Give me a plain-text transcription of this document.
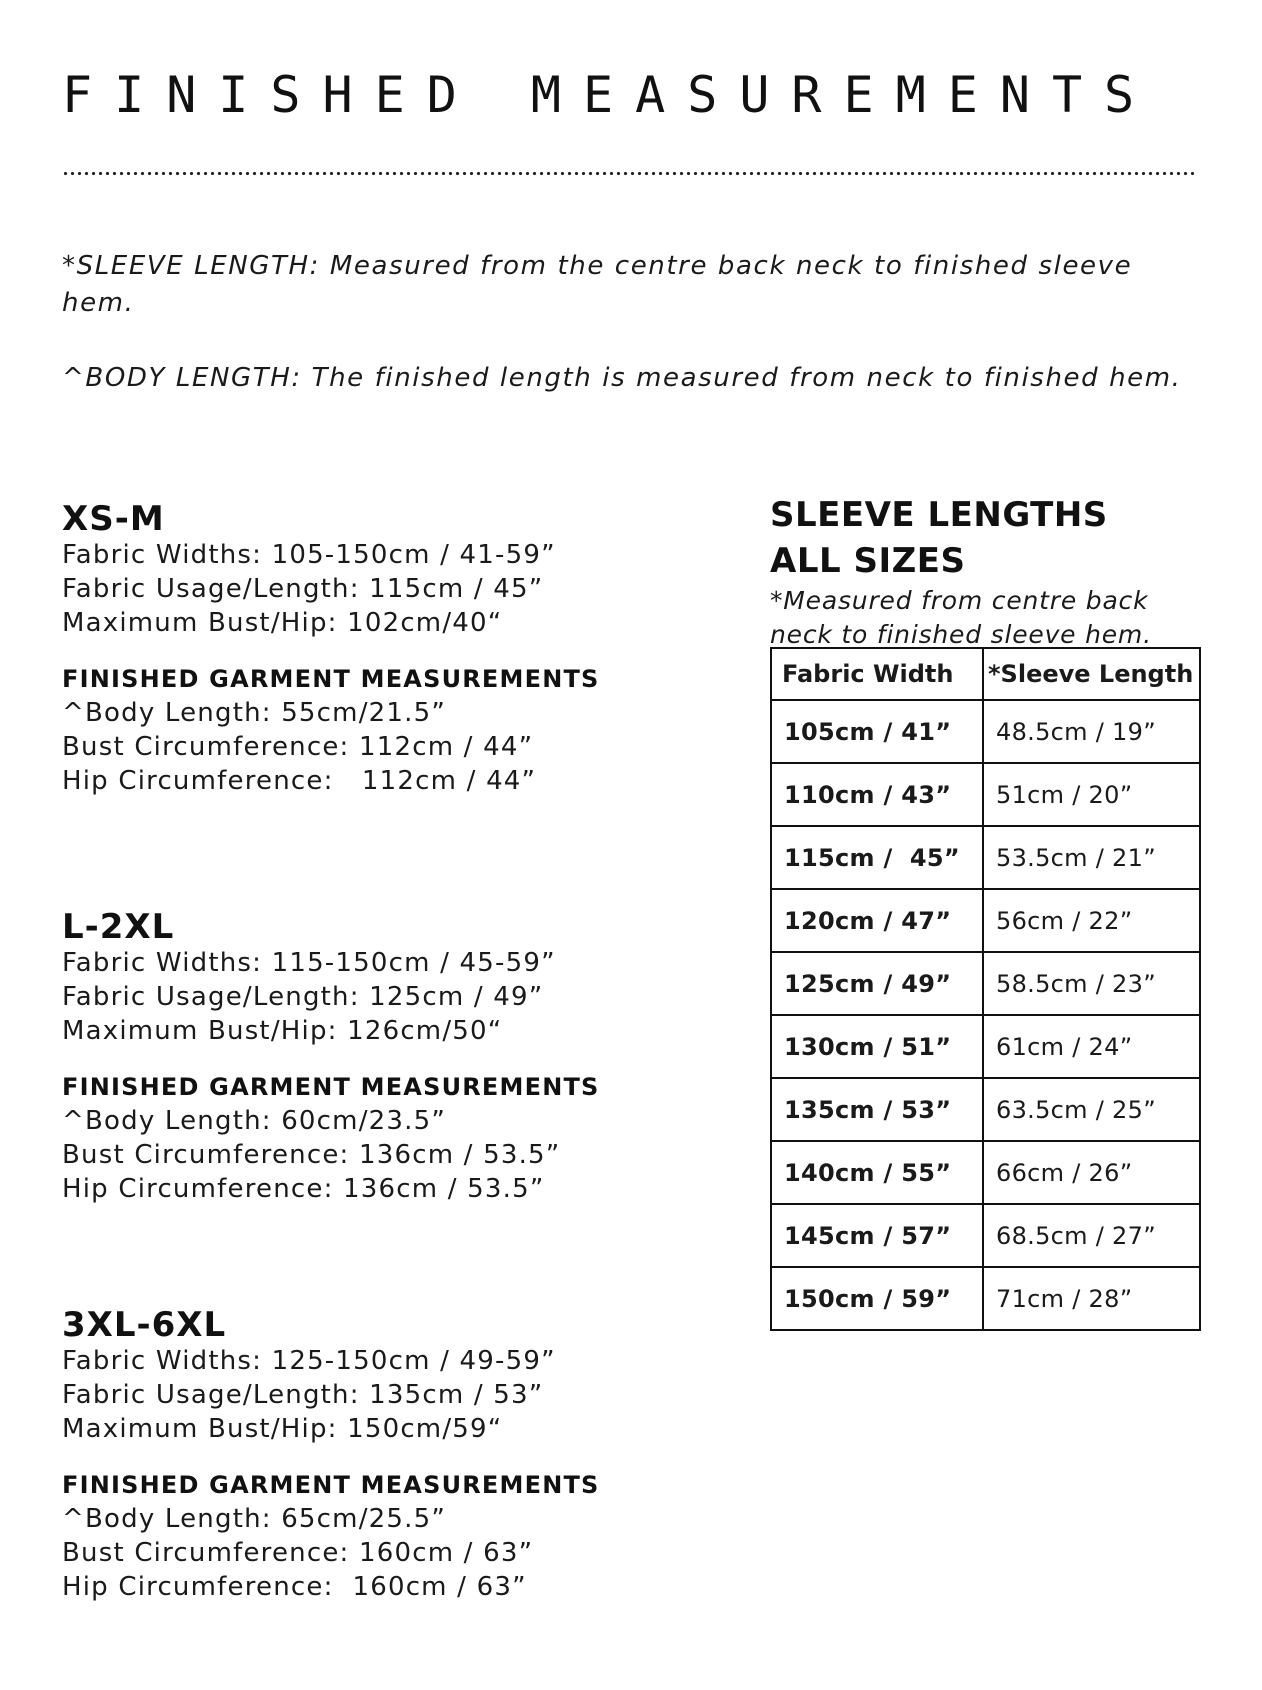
FINISHED MEASUREMENTS

*SLEEVE LENGTH: Measured from the centre back neck to finished sleeve hem.

^BODY LENGTH: The finished length is measured from neck to finished hem.

XS-M

Fabric Widths: 105-150cm / 41-59”

Fabric Usage/Length: 115cm / 45”

Maximum Bust/Hip: 102cm/40“

FINISHED GARMENT MEASUREMENTS

^Body Length: 55cm/21.5”

Bust Circumference: 112cm / 44”

Hip Circumference:   112cm / 44”

L-2XL

Fabric Widths: 115-150cm / 45-59”

Fabric Usage/Length: 125cm / 49”

Maximum Bust/Hip: 126cm/50“

FINISHED GARMENT MEASUREMENTS

^Body Length: 60cm/23.5”

Bust Circumference: 136cm / 53.5”

Hip Circumference: 136cm / 53.5”

3XL-6XL

Fabric Widths: 125-150cm / 49-59”

Fabric Usage/Length: 135cm / 53”

Maximum Bust/Hip: 150cm/59“

FINISHED GARMENT MEASUREMENTS

^Body Length: 65cm/25.5”

Bust Circumference: 160cm / 63”

Hip Circumference:  160cm / 63”

SLEEVE LENGTHS
ALL SIZES

*Measured from centre back

neck to finished sleeve hem.

Fabric Width	*Sleeve Length
105cm / 41”	48.5cm / 19”
110cm / 43”	51cm / 20”
115cm /  45”	53.5cm / 21”
120cm / 47”	56cm / 22”
125cm / 49”	58.5cm / 23”
130cm / 51”	61cm / 24”
135cm / 53”	63.5cm / 25”
140cm / 55”	66cm / 26”
145cm / 57”	68.5cm / 27”
150cm / 59”	71cm / 28”
